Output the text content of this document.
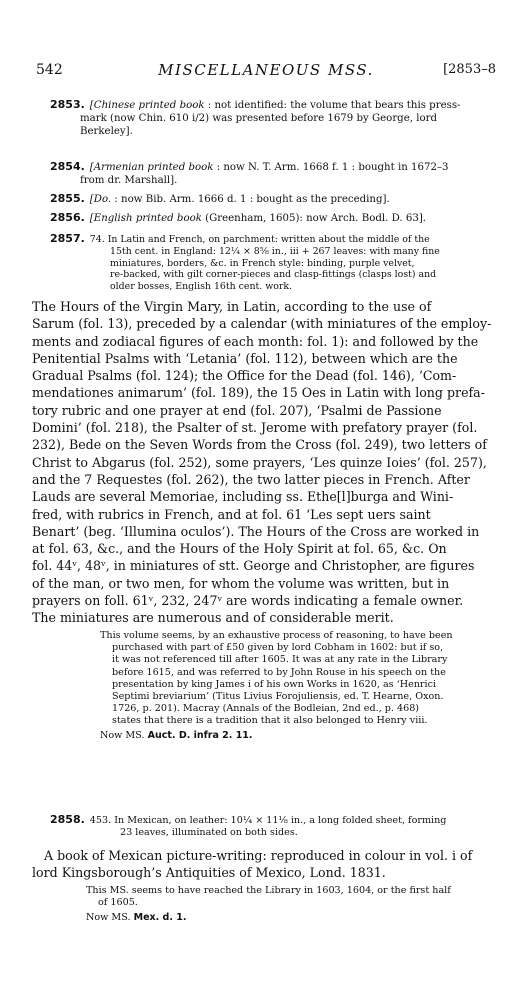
542	MISCELLANEOUS MSS.	[2853–8
2853. [Chinese printed book : not identified: the volume that bears this press-
mark (now Chin. 610 i/2) was presented before 1679 by George, lord
Berkeley].
2854. [Armenian printed book : now N. T. Arm. 1668 f. 1 : bought in 1672–3
from dr. Marshall].
2855. [Do. : now Bib. Arm. 1666 d. 1 : bought as the preceding].
2856. [English printed book (Greenham, 1605): now Arch. Bodl. D. 63].
2857. 74. In Latin and French, on parchment: written about the middle of the
15th cent. in England: 12¼ × 8⅝ in., iii + 267 leaves: with many fine
miniatures, borders, &c. in French style: binding, purple velvet,
re-backed, with gilt corner-pieces and clasp-fittings (clasps lost) and
older bosses, English 16th cent. work.
The Hours of the Virgin Mary, in Latin, according to the use of
Sarum (fol. 13), preceded by a calendar (with miniatures of the employ-
ments and zodiacal figures of each month: fol. 1): and followed by the
Penitential Psalms with ‘Letania’ (fol. 112), between which are the
Gradual Psalms (fol. 124); the Office for the Dead (fol. 146), ‘Com-
mendationes animarum’ (fol. 189), the 15 Oes in Latin with long prefa-
tory rubric and one prayer at end (fol. 207), ‘Psalmi de Passione
Domini’ (fol. 218), the Psalter of st. Jerome with prefatory prayer (fol.
232), Bede on the Seven Words from the Cross (fol. 249), two letters of
Christ to Abgarus (fol. 252), some prayers, ‘Les quinze Ioies’ (fol. 257),
and the 7 Requestes (fol. 262), the two latter pieces in French. After
Lauds are several Memoriae, including ss. Ethe[l]burga and Wini-
fred, with rubrics in French, and at fol. 61 ‘Les sept uers saint
Benart’ (beg. ‘Illumina oculos’). The Hours of the Cross are worked in
at fol. 63, &c., and the Hours of the Holy Spirit at fol. 65, &c. On
fol. 44ᵛ, 48ᵛ, in miniatures of stt. George and Christopher, are figures
of the man, or two men, for whom the volume was written, but in
prayers on foll. 61ᵛ, 232, 247ᵛ are words indicating a female owner.
The miniatures are numerous and of considerable merit.
This volume seems, by an exhaustive process of reasoning, to have been
purchased with part of £50 given by lord Cobham in 1602: but if so,
it was not referenced till after 1605. It was at any rate in the Library
before 1615, and was referred to by John Rouse in his speech on the
presentation by king James i of his own Works in 1620, as ‘Henrici
Septimi breviarium’ (Titus Livius Forojuliensis, ed. T. Hearne, Oxon.
1726, p. 201). Macray (Annals of the Bodleian, 2nd ed., p. 468)
states that there is a tradition that it also belonged to Henry viii.
Now MS. Auct. D. infra 2. 11.
2858. 453. In Mexican, on leather: 10¼ × 11⅛ in., a long folded sheet, forming
23 leaves, illuminated on both sides.
A book of Mexican picture-writing: reproduced in colour in vol. i of
lord Kingsborough’s Antiquities of Mexico, Lond. 1831.
This MS. seems to have reached the Library in 1603, 1604, or the first half
of 1605.
Now MS. Mex. d. 1.
